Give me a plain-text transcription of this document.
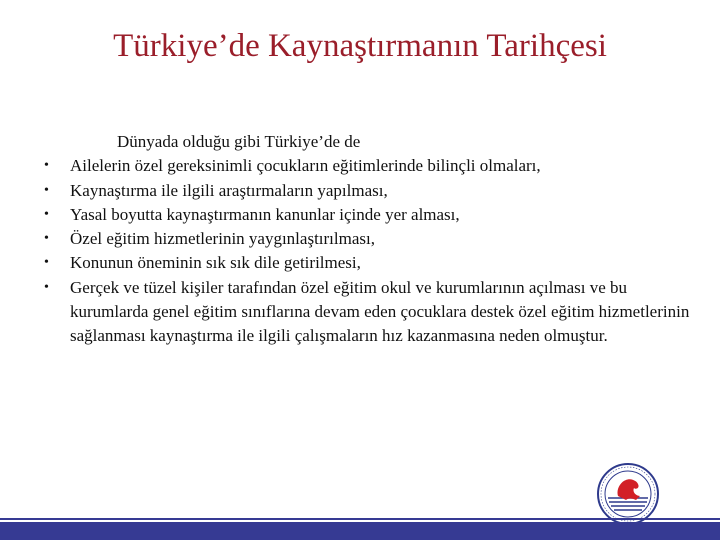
Türkiye’de Kaynaştırmanın Tarihçesi

Dünyada olduğu gibi Türkiye’de de

•	Ailelerin özel gereksinimli çocukların eğitimlerinde bilinçli olmaları,
•	Kaynaştırma ile ilgili araştırmaların yapılması,
•	Yasal boyutta kaynaştırmanın kanunlar içinde yer alması,
•	Özel eğitim hizmetlerinin yaygınlaştırılması,
•	Konunun öneminin sık sık dile getirilmesi,
•	Gerçek ve tüzel kişiler tarafından özel eğitim okul ve kurumlarının açılması ve bu kurumlarda genel eğitim sınıflarına devam eden çocuklara destek özel eğitim hizmetlerinin sağlanması kaynaştırma ile ilgili çalışmaların hız kazanmasına neden olmuştur.
